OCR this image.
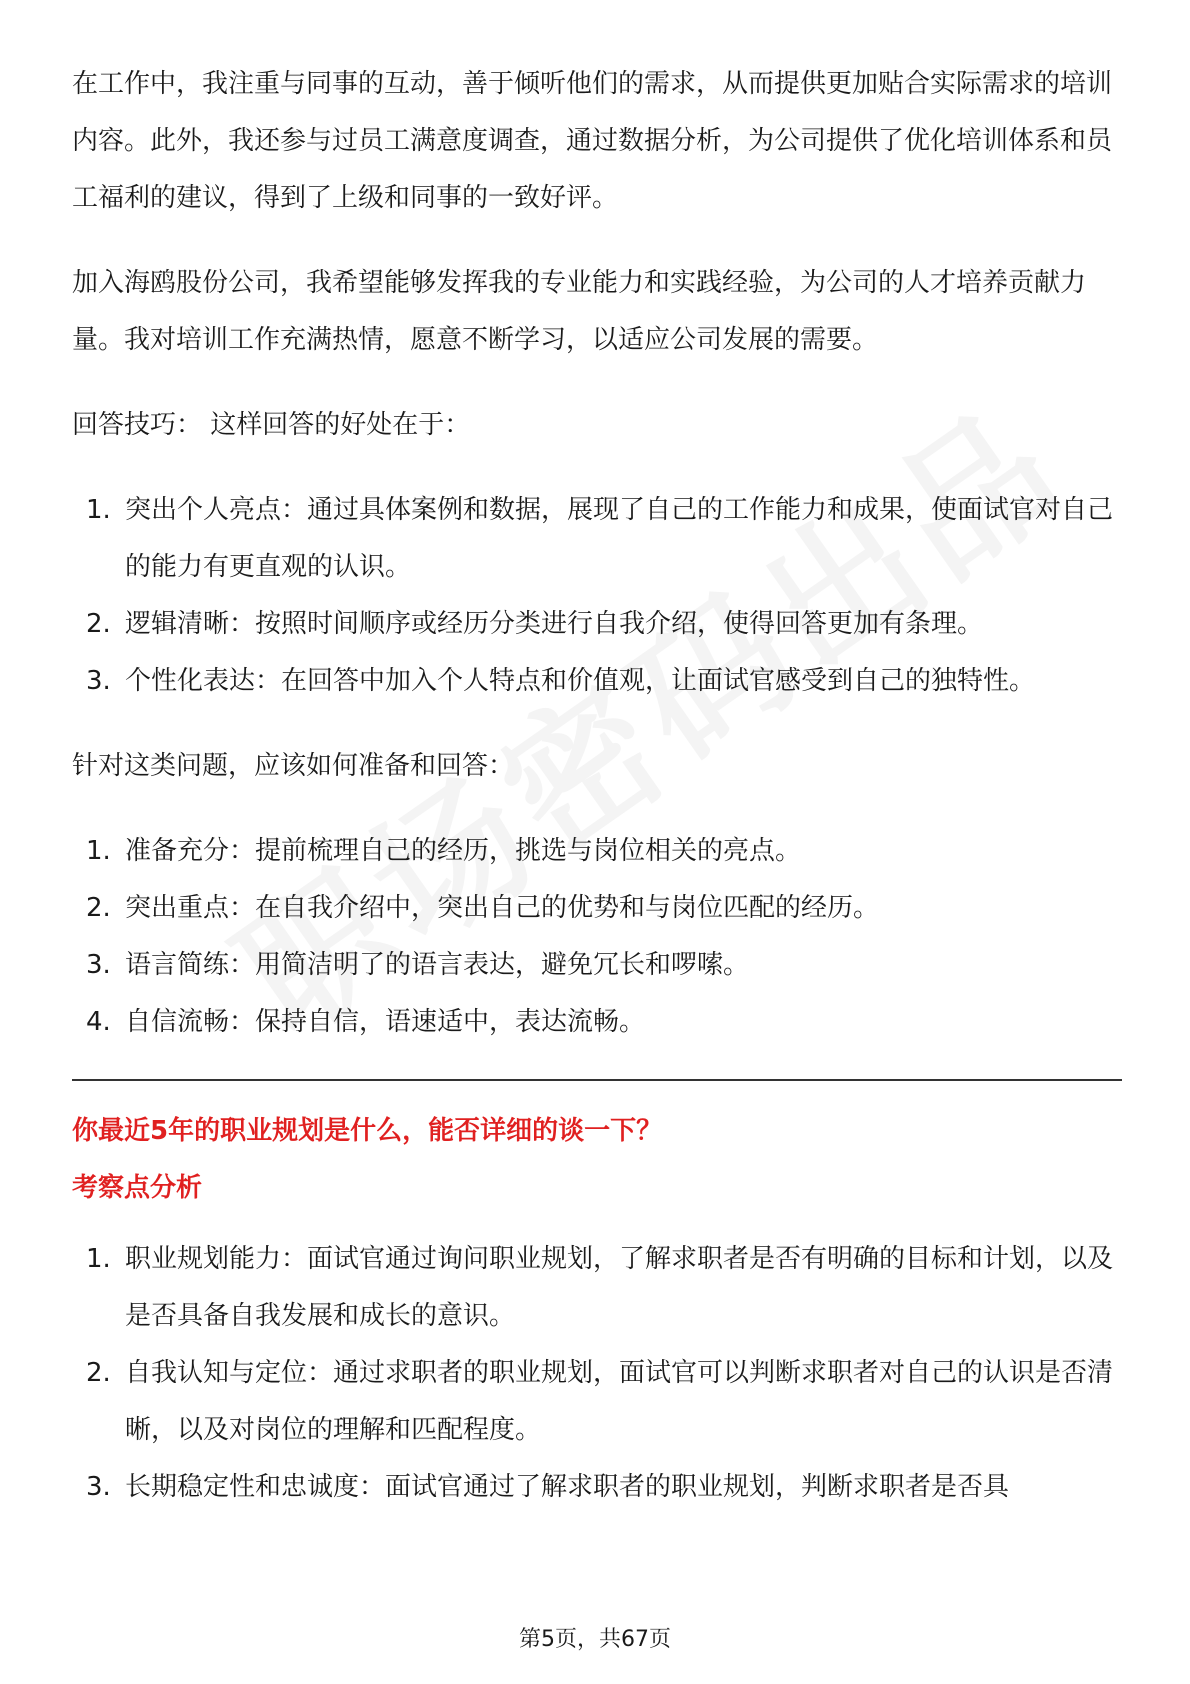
在工作中，我注重与同事的互动，善于倾听他们的需求，从而提供更加贴合实际需求的培训内容。此外，我还参与过员工满意度调查，通过数据分析，为公司提供了优化培训体系和员工福利的建议，得到了上级和同事的一致好评。

加入海鸥股份公司，我希望能够发挥我的专业能力和实践经验，为公司的人才培养贡献力量。我对培训工作充满热情，愿意不断学习，以适应公司发展的需要。

回答技巧： 这样回答的好处在于：

1. 突出个人亮点：通过具体案例和数据，展现了自己的工作能力和成果，使面试官对自己的能力有更直观的认识。
2. 逻辑清晰：按照时间顺序或经历分类进行自我介绍，使得回答更加有条理。
3. 个性化表达：在回答中加入个人特点和价值观，让面试官感受到自己的独特性。

针对这类问题，应该如何准备和回答：

1. 准备充分：提前梳理自己的经历，挑选与岗位相关的亮点。
2. 突出重点：在自我介绍中，突出自己的优势和与岗位匹配的经历。
3. 语言简练：用简洁明了的语言表达，避免冗长和啰嗦。
4. 自信流畅：保持自信，语速适中，表达流畅。

你最近5年的职业规划是什么，能否详细的谈一下？

考察点分析

1. 职业规划能力：面试官通过询问职业规划，了解求职者是否有明确的目标和计划，以及是否具备自我发展和成长的意识。
2. 自我认知与定位：通过求职者的职业规划，面试官可以判断求职者对自己的认识是否清晰，以及对岗位的理解和匹配程度。
3. 长期稳定性和忠诚度：面试官通过了解求职者的职业规划，判断求职者是否具
第5页，共67页
